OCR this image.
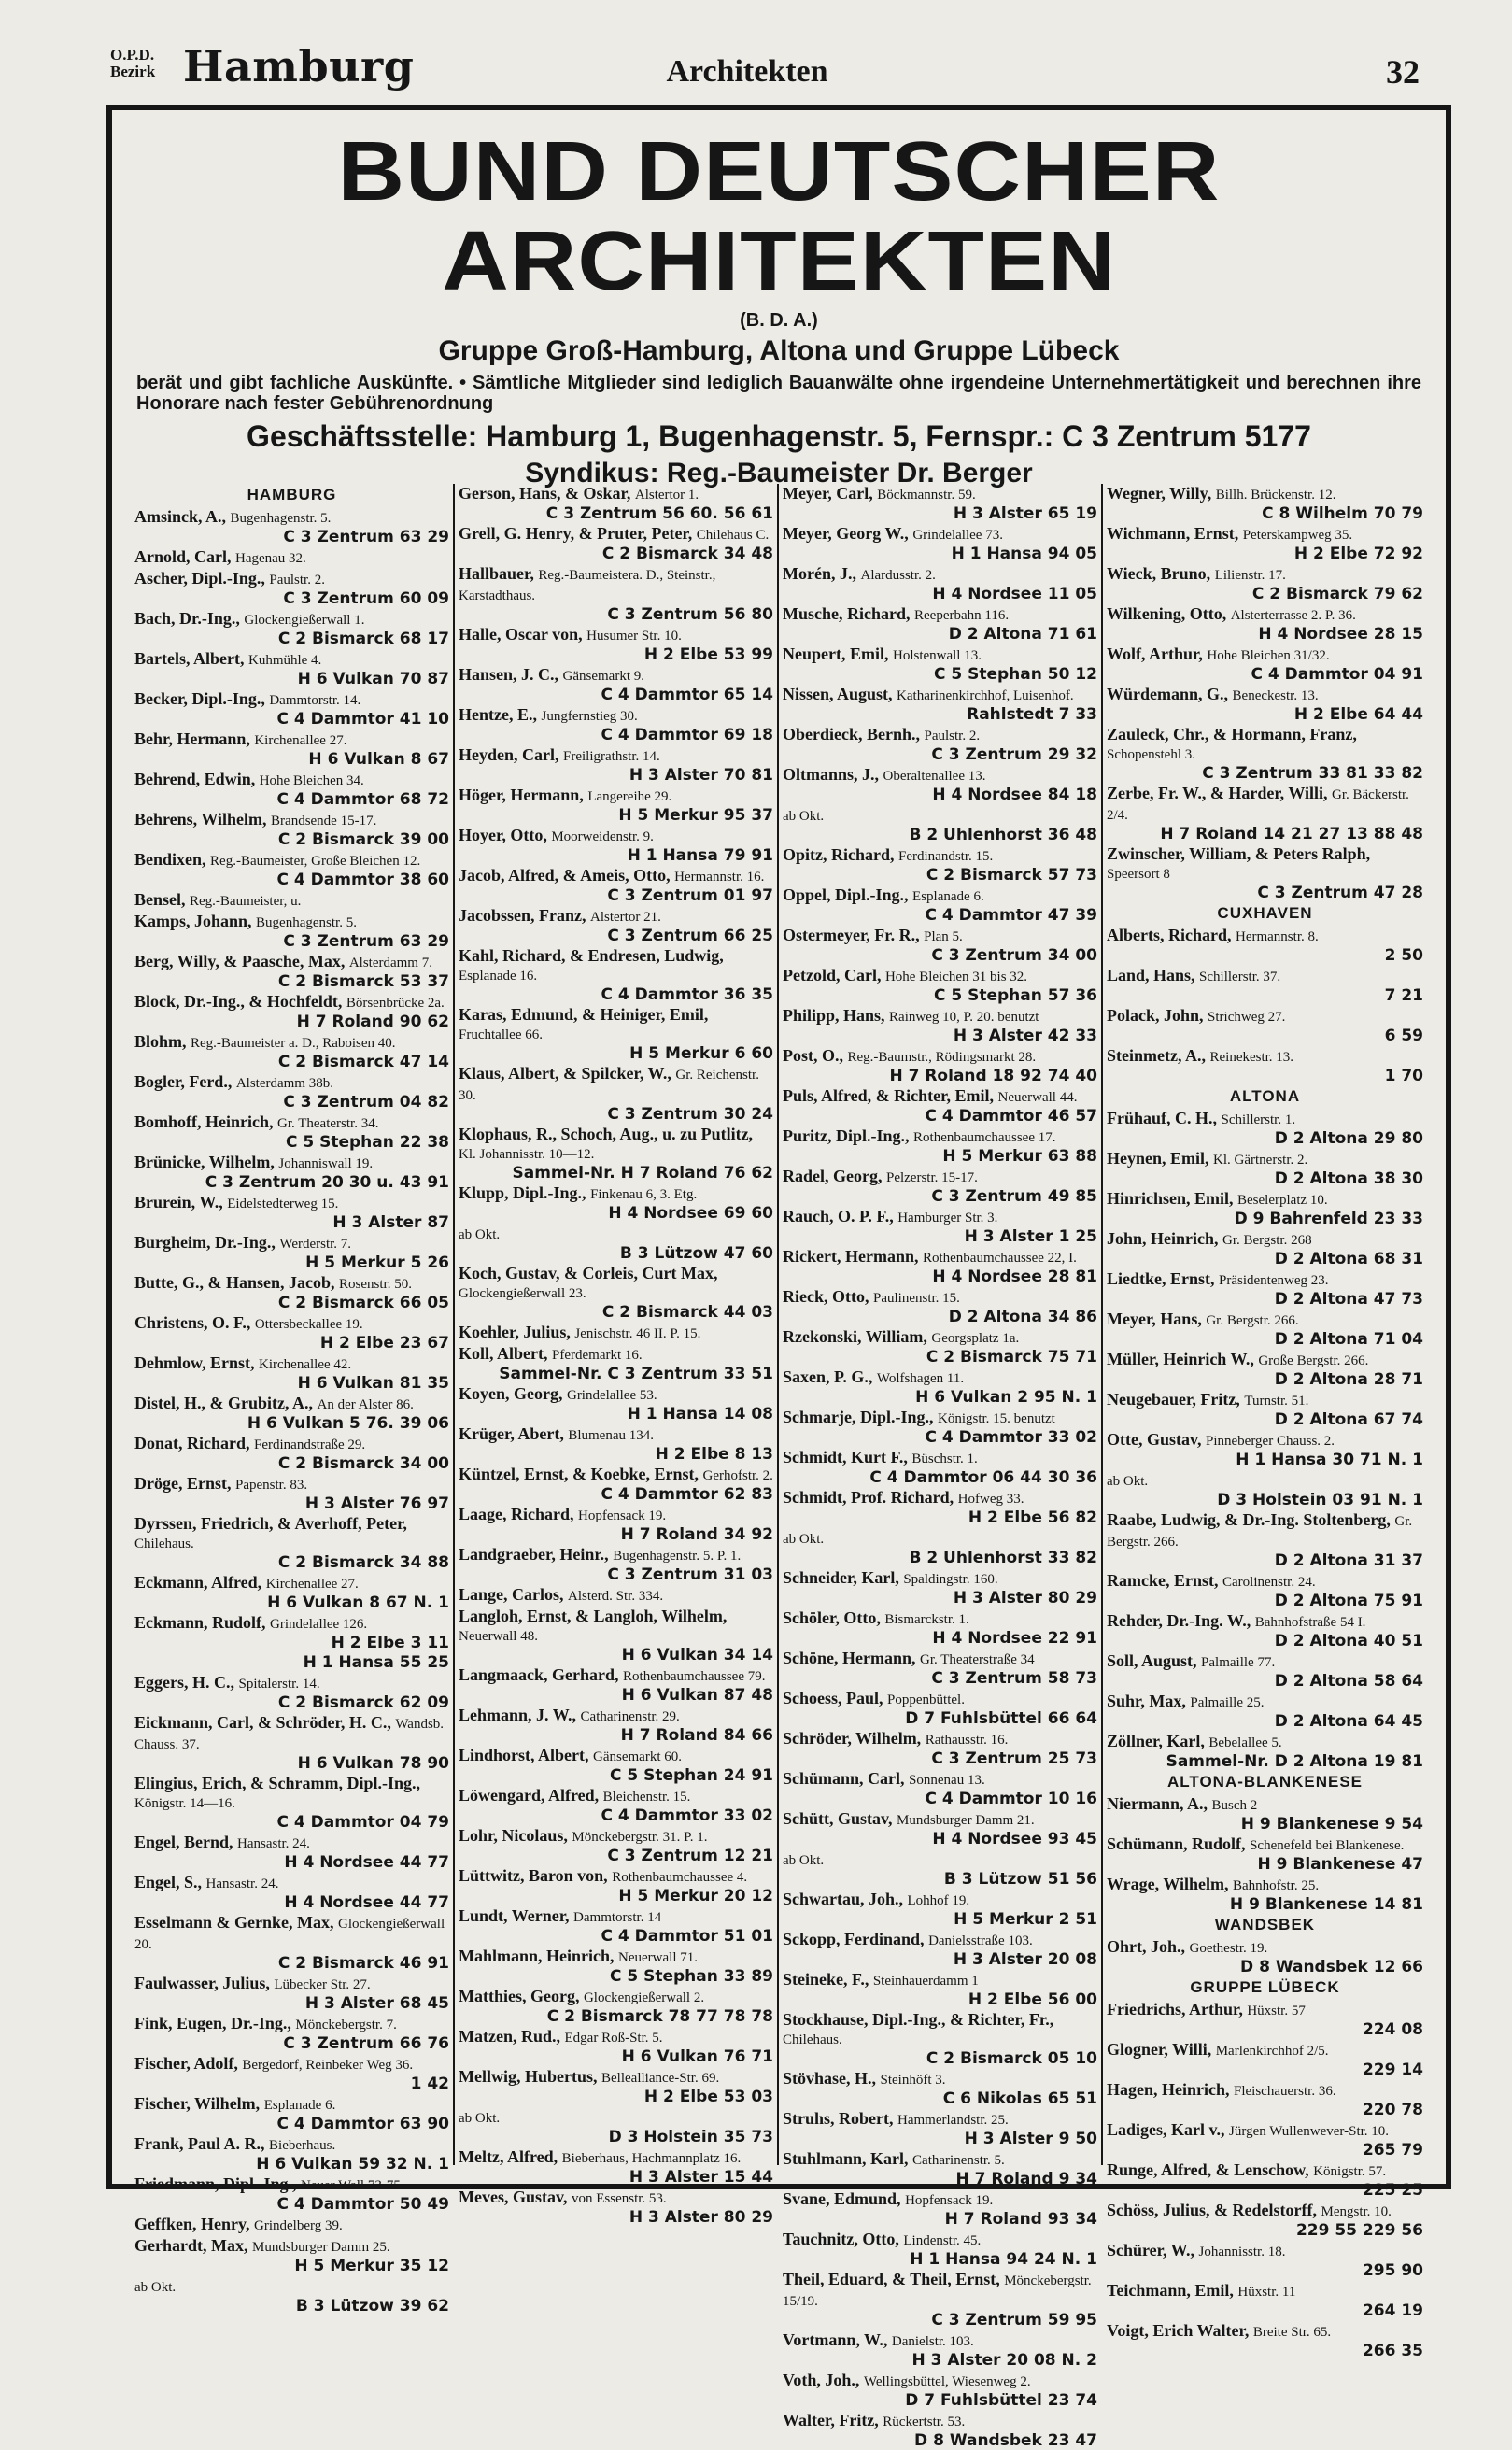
O.P.D.
Bezirk Hamburg	Architekten	32
BUND DEUTSCHER ARCHITEKTEN
(B. D. A.)
Gruppe Groß-Hamburg, Altona und Gruppe Lübeck
berät und gibt fachliche Auskünfte. • Sämtliche Mitglieder sind lediglich Bauanwälte ohne irgendeine Unternehmertätigkeit und berechnen ihre Honorare nach fester Gebührenordnung
Geschäftsstelle: Hamburg 1, Bugenhagenstr. 5, Fernspr.: C 3 Zentrum 5177
Syndikus: Reg.-Baumeister Dr. Berger
HAMBURG
Amsinck, A., Bugenhagenstr. 5.
C 3 Zentrum 63 29
Arnold, Carl, Hagenau 32.
Ascher, Dipl.-Ing., Paulstr. 2.
C 3 Zentrum 60 09
Bach, Dr.-Ing., Glockengießerwall 1.
C 2 Bismarck 68 17
Bartels, Albert, Kuhmühle 4.
H 6 Vulkan 70 87
Becker, Dipl.-Ing., Dammtorstr. 14.
C 4 Dammtor 41 10
Behr, Hermann, Kirchenallee 27.
H 6 Vulkan 8 67
Behrend, Edwin, Hohe Bleichen 34.
C 4 Dammtor 68 72
Behrens, Wilhelm, Brandsende 15-17.
C 2 Bismarck 39 00
Bendixen, Reg.-Baumeister, Große Bleichen 12.
C 4 Dammtor 38 60
Bensel, Reg.-Baumeister, u.
Kamps, Johann, Bugenhagenstr. 5.
C 3 Zentrum 63 29
Berg, Willy, & Paasche, Max, Alsterdamm 7.
C 2 Bismarck 53 37
Block, Dr.-Ing., & Hochfeldt, Börsenbrücke 2a.
H 7 Roland 90 62
Blohm, Reg.-Baumeister a. D., Raboisen 40.
C 2 Bismarck 47 14
Bogler, Ferd., Alsterdamm 38b.
C 3 Zentrum 04 82
Bomhoff, Heinrich, Gr. Theaterstr. 34.
C 5 Stephan 22 38
Brünicke, Wilhelm, Johanniswall 19.
C 3 Zentrum 20 30 u. 43 91
Brurein, W., Eidelstedterweg 15.
H 3 Alster 87
Burgheim, Dr.-Ing., Werderstr. 7.
H 5 Merkur 5 26
Butte, G., & Hansen, Jacob, Rosenstr. 50.
C 2 Bismarck 66 05
Christens, O. F., Ottersbeckallee 19.
H 2 Elbe 23 67
Dehmlow, Ernst, Kirchenallee 42.
H 6 Vulkan 81 35
Distel, H., & Grubitz, A., An der Alster 86.
H 6 Vulkan 5 76. 39 06
Donat, Richard, Ferdinandstraße 29.
C 2 Bismarck 34 00
Dröge, Ernst, Papenstr. 83.
H 3 Alster 76 97
Dyrssen, Friedrich, & Averhoff, Peter, Chilehaus.
C 2 Bismarck 34 88
Eckmann, Alfred, Kirchenallee 27.
H 6 Vulkan 8 67 N. 1
Eckmann, Rudolf, Grindelallee 126.
H 2 Elbe 3 11
H 1 Hansa 55 25
Eggers, H. C., Spitalerstr. 14.
C 2 Bismarck 62 09
Eickmann, Carl, & Schröder, H. C., Wandsb. Chauss. 37.
H 6 Vulkan 78 90
Elingius, Erich, & Schramm, Dipl.-Ing., Königstr. 14—16.
C 4 Dammtor 04 79
Engel, Bernd, Hansastr. 24.
H 4 Nordsee 44 77
Engel, S., Hansastr. 24.
H 4 Nordsee 44 77
Esselmann & Gernke, Max, Glockengießerwall 20.
C 2 Bismarck 46 91
Faulwasser, Julius, Lübecker Str. 27.
H 3 Alster 68 45
Fink, Eugen, Dr.-Ing., Mönckebergstr. 7.
C 3 Zentrum 66 76
Fischer, Adolf, Bergedorf, Reinbeker Weg 36.
1 42
Fischer, Wilhelm, Esplanade 6.
C 4 Dammtor 63 90
Frank, Paul A. R., Bieberhaus.
H 6 Vulkan 59 32 N. 1
Friedmann, Dipl.-Ing., Neuer Wall 73-75.
C 4 Dammtor 50 49
Geffken, Henry, Grindelberg 39.
Gerhardt, Max, Mundsburger Damm 25.
H 5 Merkur 35 12
ab Okt.
B 3 Lützow 39 62
Gerson, Hans, & Oskar, Alstertor 1.
C 3 Zentrum 56 60. 56 61
Grell, G. Henry, & Pruter, Peter, Chilehaus C.
C 2 Bismarck 34 48
Hallbauer, Reg.-Baumeistera. D., Steinstr., Karstadthaus.
C 3 Zentrum 56 80
Halle, Oscar von, Husumer Str. 10.
H 2 Elbe 53 99
Hansen, J. C., Gänsemarkt 9.
C 4 Dammtor 65 14
Hentze, E., Jungfernstieg 30.
C 4 Dammtor 69 18
Heyden, Carl, Freiligrathstr. 14.
H 3 Alster 70 81
Höger, Hermann, Langereihe 29.
H 5 Merkur 95 37
Hoyer, Otto, Moorweidenstr. 9.
H 1 Hansa 79 91
Jacob, Alfred, & Ameis, Otto, Hermannstr. 16.
C 3 Zentrum 01 97
Jacobssen, Franz, Alstertor 21.
C 3 Zentrum 66 25
Kahl, Richard, & Endresen, Ludwig, Esplanade 16.
C 4 Dammtor 36 35
Karas, Edmund, & Heiniger, Emil, Fruchtallee 66.
H 5 Merkur 6 60
Klaus, Albert, & Spilcker, W., Gr. Reichenstr. 30.
C 3 Zentrum 30 24
Klophaus, R., Schoch, Aug., u. zu Putlitz, Kl. Johannisstr. 10—12.
Sammel-Nr. H 7 Roland 76 62
Klupp, Dipl.-Ing., Finkenau 6, 3. Etg.
H 4 Nordsee 69 60
ab Okt.
B 3 Lützow 47 60
Koch, Gustav, & Corleis, Curt Max, Glockengießerwall 23.
C 2 Bismarck 44 03
Koehler, Julius, Jenischstr. 46 II. P. 15.
Koll, Albert, Pferdemarkt 16.
Sammel-Nr. C 3 Zentrum 33 51
Koyen, Georg, Grindelallee 53.
H 1 Hansa 14 08
Krüger, Abert, Blumenau 134.
H 2 Elbe 8 13
Küntzel, Ernst, & Koebke, Ernst, Gerhofstr. 2.
C 4 Dammtor 62 83
Laage, Richard, Hopfensack 19.
H 7 Roland 34 92
Landgraeber, Heinr., Bugenhagenstr. 5. P. 1.
C 3 Zentrum 31 03
Lange, Carlos, Alsterd. Str. 334.
Langloh, Ernst, & Langloh, Wilhelm, Neuerwall 48.
H 6 Vulkan 34 14
Langmaack, Gerhard, Rothenbaumchaussee 79.
H 6 Vulkan 87 48
Lehmann, J. W., Catharinenstr. 29.
H 7 Roland 84 66
Lindhorst, Albert, Gänsemarkt 60.
C 5 Stephan 24 91
Löwengard, Alfred, Bleichenstr. 15.
C 4 Dammtor 33 02
Lohr, Nicolaus, Mönckebergstr. 31. P. 1.
C 3 Zentrum 12 21
Lüttwitz, Baron von, Rothenbaumchaussee 4.
H 5 Merkur 20 12
Lundt, Werner, Dammtorstr. 14
C 4 Dammtor 51 01
Mahlmann, Heinrich, Neuerwall 71.
C 5 Stephan 33 89
Matthies, Georg, Glockengießerwall 2.
C 2 Bismarck 78 77 78 78
Matzen, Rud., Edgar Roß-Str. 5.
H 6 Vulkan 76 71
Mellwig, Hubertus, Bellealliance-Str. 69.
H 2 Elbe 53 03
ab Okt.
D 3 Holstein 35 73
Meltz, Alfred, Bieberhaus, Hachmannplatz 16.
H 3 Alster 15 44
Meves, Gustav, von Essenstr. 53.
H 3 Alster 80 29
Meyer, Carl, Böckmannstr. 59.
H 3 Alster 65 19
Meyer, Georg W., Grindelallee 73.
H 1 Hansa 94 05
Morén, J., Alardusstr. 2.
H 4 Nordsee 11 05
Musche, Richard, Reeperbahn 116.
D 2 Altona 71 61
Neupert, Emil, Holstenwall 13.
C 5 Stephan 50 12
Nissen, August, Katharinenkirchhof, Luisenhof.
Rahlstedt 7 33
Oberdieck, Bernh., Paulstr. 2.
C 3 Zentrum 29 32
Oltmanns, J., Oberaltenallee 13.
H 4 Nordsee 84 18
ab Okt.
B 2 Uhlenhorst 36 48
Opitz, Richard, Ferdinandstr. 15.
C 2 Bismarck 57 73
Oppel, Dipl.-Ing., Esplanade 6.
C 4 Dammtor 47 39
Ostermeyer, Fr. R., Plan 5.
C 3 Zentrum 34 00
Petzold, Carl, Hohe Bleichen 31 bis 32.
C 5 Stephan 57 36
Philipp, Hans, Rainweg 10, P. 20. benutzt
H 3 Alster 42 33
Post, O., Reg.-Baumstr., Rödingsmarkt 28.
H 7 Roland 18 92 74 40
Puls, Alfred, & Richter, Emil, Neuerwall 44.
C 4 Dammtor 46 57
Puritz, Dipl.-Ing., Rothenbaumchaussee 17.
H 5 Merkur 63 88
Radel, Georg, Pelzerstr. 15-17.
C 3 Zentrum 49 85
Rauch, O. P. F., Hamburger Str. 3.
H 3 Alster 1 25
Rickert, Hermann, Rothenbaumchaussee 22, I.
H 4 Nordsee 28 81
Rieck, Otto, Paulinenstr. 15.
D 2 Altona 34 86
Rzekonski, William, Georgsplatz 1a.
C 2 Bismarck 75 71
Saxen, P. G., Wolfshagen 11.
H 6 Vulkan 2 95 N. 1
Schmarje, Dipl.-Ing., Königstr. 15. benutzt
C 4 Dammtor 33 02
Schmidt, Kurt F., Büschstr. 1.
C 4 Dammtor 06 44 30 36
Schmidt, Prof. Richard, Hofweg 33.
H 2 Elbe 56 82
ab Okt.
B 2 Uhlenhorst 33 82
Schneider, Karl, Spaldingstr. 160.
H 3 Alster 80 29
Schöler, Otto, Bismarckstr. 1.
H 4 Nordsee 22 91
Schöne, Hermann, Gr. Theaterstraße 34
C 3 Zentrum 58 73
Schoess, Paul, Poppenbüttel.
D 7 Fuhlsbüttel 66 64
Schröder, Wilhelm, Rathausstr. 16.
C 3 Zentrum 25 73
Schümann, Carl, Sonnenau 13.
C 4 Dammtor 10 16
Schütt, Gustav, Mundsburger Damm 21.
H 4 Nordsee 93 45
ab Okt.
B 3 Lützow 51 56
Schwartau, Joh., Lohhof 19.
H 5 Merkur 2 51
Sckopp, Ferdinand, Danielsstraße 103.
H 3 Alster 20 08
Steineke, F., Steinhauerdamm 1
H 2 Elbe 56 00
Stockhause, Dipl.-Ing., & Richter, Fr., Chilehaus.
C 2 Bismarck 05 10
Stövhase, H., Steinhöft 3.
C 6 Nikolas 65 51
Struhs, Robert, Hammerlandstr. 25.
H 3 Alster 9 50
Stuhlmann, Karl, Catharinenstr. 5.
H 7 Roland 9 34
Svane, Edmund, Hopfensack 19.
H 7 Roland 93 34
Tauchnitz, Otto, Lindenstr. 45.
H 1 Hansa 94 24 N. 1
Theil, Eduard, & Theil, Ernst, Mönckebergstr. 15/19.
C 3 Zentrum 59 95
Vortmann, W., Danielstr. 103.
H 3 Alster 20 08 N. 2
Voth, Joh., Wellingsbüttel, Wiesenweg 2.
D 7 Fuhlsbüttel 23 74
Walter, Fritz, Rückertstr. 53.
D 8 Wandsbek 23 47
Wegner, Willy, Billh. Brückenstr. 12.
C 8 Wilhelm 70 79
Wichmann, Ernst, Peterskampweg 35.
H 2 Elbe 72 92
Wieck, Bruno, Lilienstr. 17.
C 2 Bismarck 79 62
Wilkening, Otto, Alsterterrasse 2. P. 36.
H 4 Nordsee 28 15
Wolf, Arthur, Hohe Bleichen 31/32.
C 4 Dammtor 04 91
Würdemann, G., Beneckestr. 13.
H 2 Elbe 64 44
Zauleck, Chr., & Hormann, Franz, Schopenstehl 3.
C 3 Zentrum 33 81 33 82
Zerbe, Fr. W., & Harder, Willi, Gr. Bäckerstr. 2/4.
H 7 Roland 14 21 27 13 88 48
Zwinscher, William, & Peters Ralph, Speersort 8
C 3 Zentrum 47 28
CUXHAVEN
Alberts, Richard, Hermannstr. 8.
2 50
Land, Hans, Schillerstr. 37.
7 21
Polack, John, Strichweg 27.
6 59
Steinmetz, A., Reinekestr. 13.
1 70
ALTONA
Frühauf, C. H., Schillerstr. 1.
D 2 Altona 29 80
Heynen, Emil, Kl. Gärtnerstr. 2.
D 2 Altona 38 30
Hinrichsen, Emil, Beselerplatz 10.
D 9 Bahrenfeld 23 33
John, Heinrich, Gr. Bergstr. 268
D 2 Altona 68 31
Liedtke, Ernst, Präsidentenweg 23.
D 2 Altona 47 73
Meyer, Hans, Gr. Bergstr. 266.
D 2 Altona 71 04
Müller, Heinrich W., Große Bergstr. 266.
D 2 Altona 28 71
Neugebauer, Fritz, Turnstr. 51.
D 2 Altona 67 74
Otte, Gustav, Pinneberger Chauss. 2.
H 1 Hansa 30 71 N. 1
ab Okt.
D 3 Holstein 03 91 N. 1
Raabe, Ludwig, & Dr.-Ing. Stoltenberg, Gr. Bergstr. 266.
D 2 Altona 31 37
Ramcke, Ernst, Carolinenstr. 24.
D 2 Altona 75 91
Rehder, Dr.-Ing. W., Bahnhofstraße 54 I.
D 2 Altona 40 51
Soll, August, Palmaille 77.
D 2 Altona 58 64
Suhr, Max, Palmaille 25.
D 2 Altona 64 45
Zöllner, Karl, Bebelallee 5.
Sammel-Nr. D 2 Altona 19 81
ALTONA-BLANKENESE
Niermann, A., Busch 2
H 9 Blankenese 9 54
Schümann, Rudolf, Schenefeld bei Blankenese.
H 9 Blankenese 47
Wrage, Wilhelm, Bahnhofstr. 25.
H 9 Blankenese 14 81
WANDSBEK
Ohrt, Joh., Goethestr. 19.
D 8 Wandsbek 12 66
GRUPPE LÜBECK
Friedrichs, Arthur, Hüxstr. 57
224 08
Glogner, Willi, Marlenkirchhof 2/5.
229 14
Hagen, Heinrich, Fleischauerstr. 36.
220 78
Ladiges, Karl v., Jürgen Wullenwever-Str. 10.
265 79
Runge, Alfred, & Lenschow, Königstr. 57.
225 25
Schöss, Julius, & Redelstorff, Mengstr. 10.
229 55 229 56
Schürer, W., Johannisstr. 18.
295 90
Teichmann, Emil, Hüxstr. 11
264 19
Voigt, Erich Walter, Breite Str. 65.
266 35
